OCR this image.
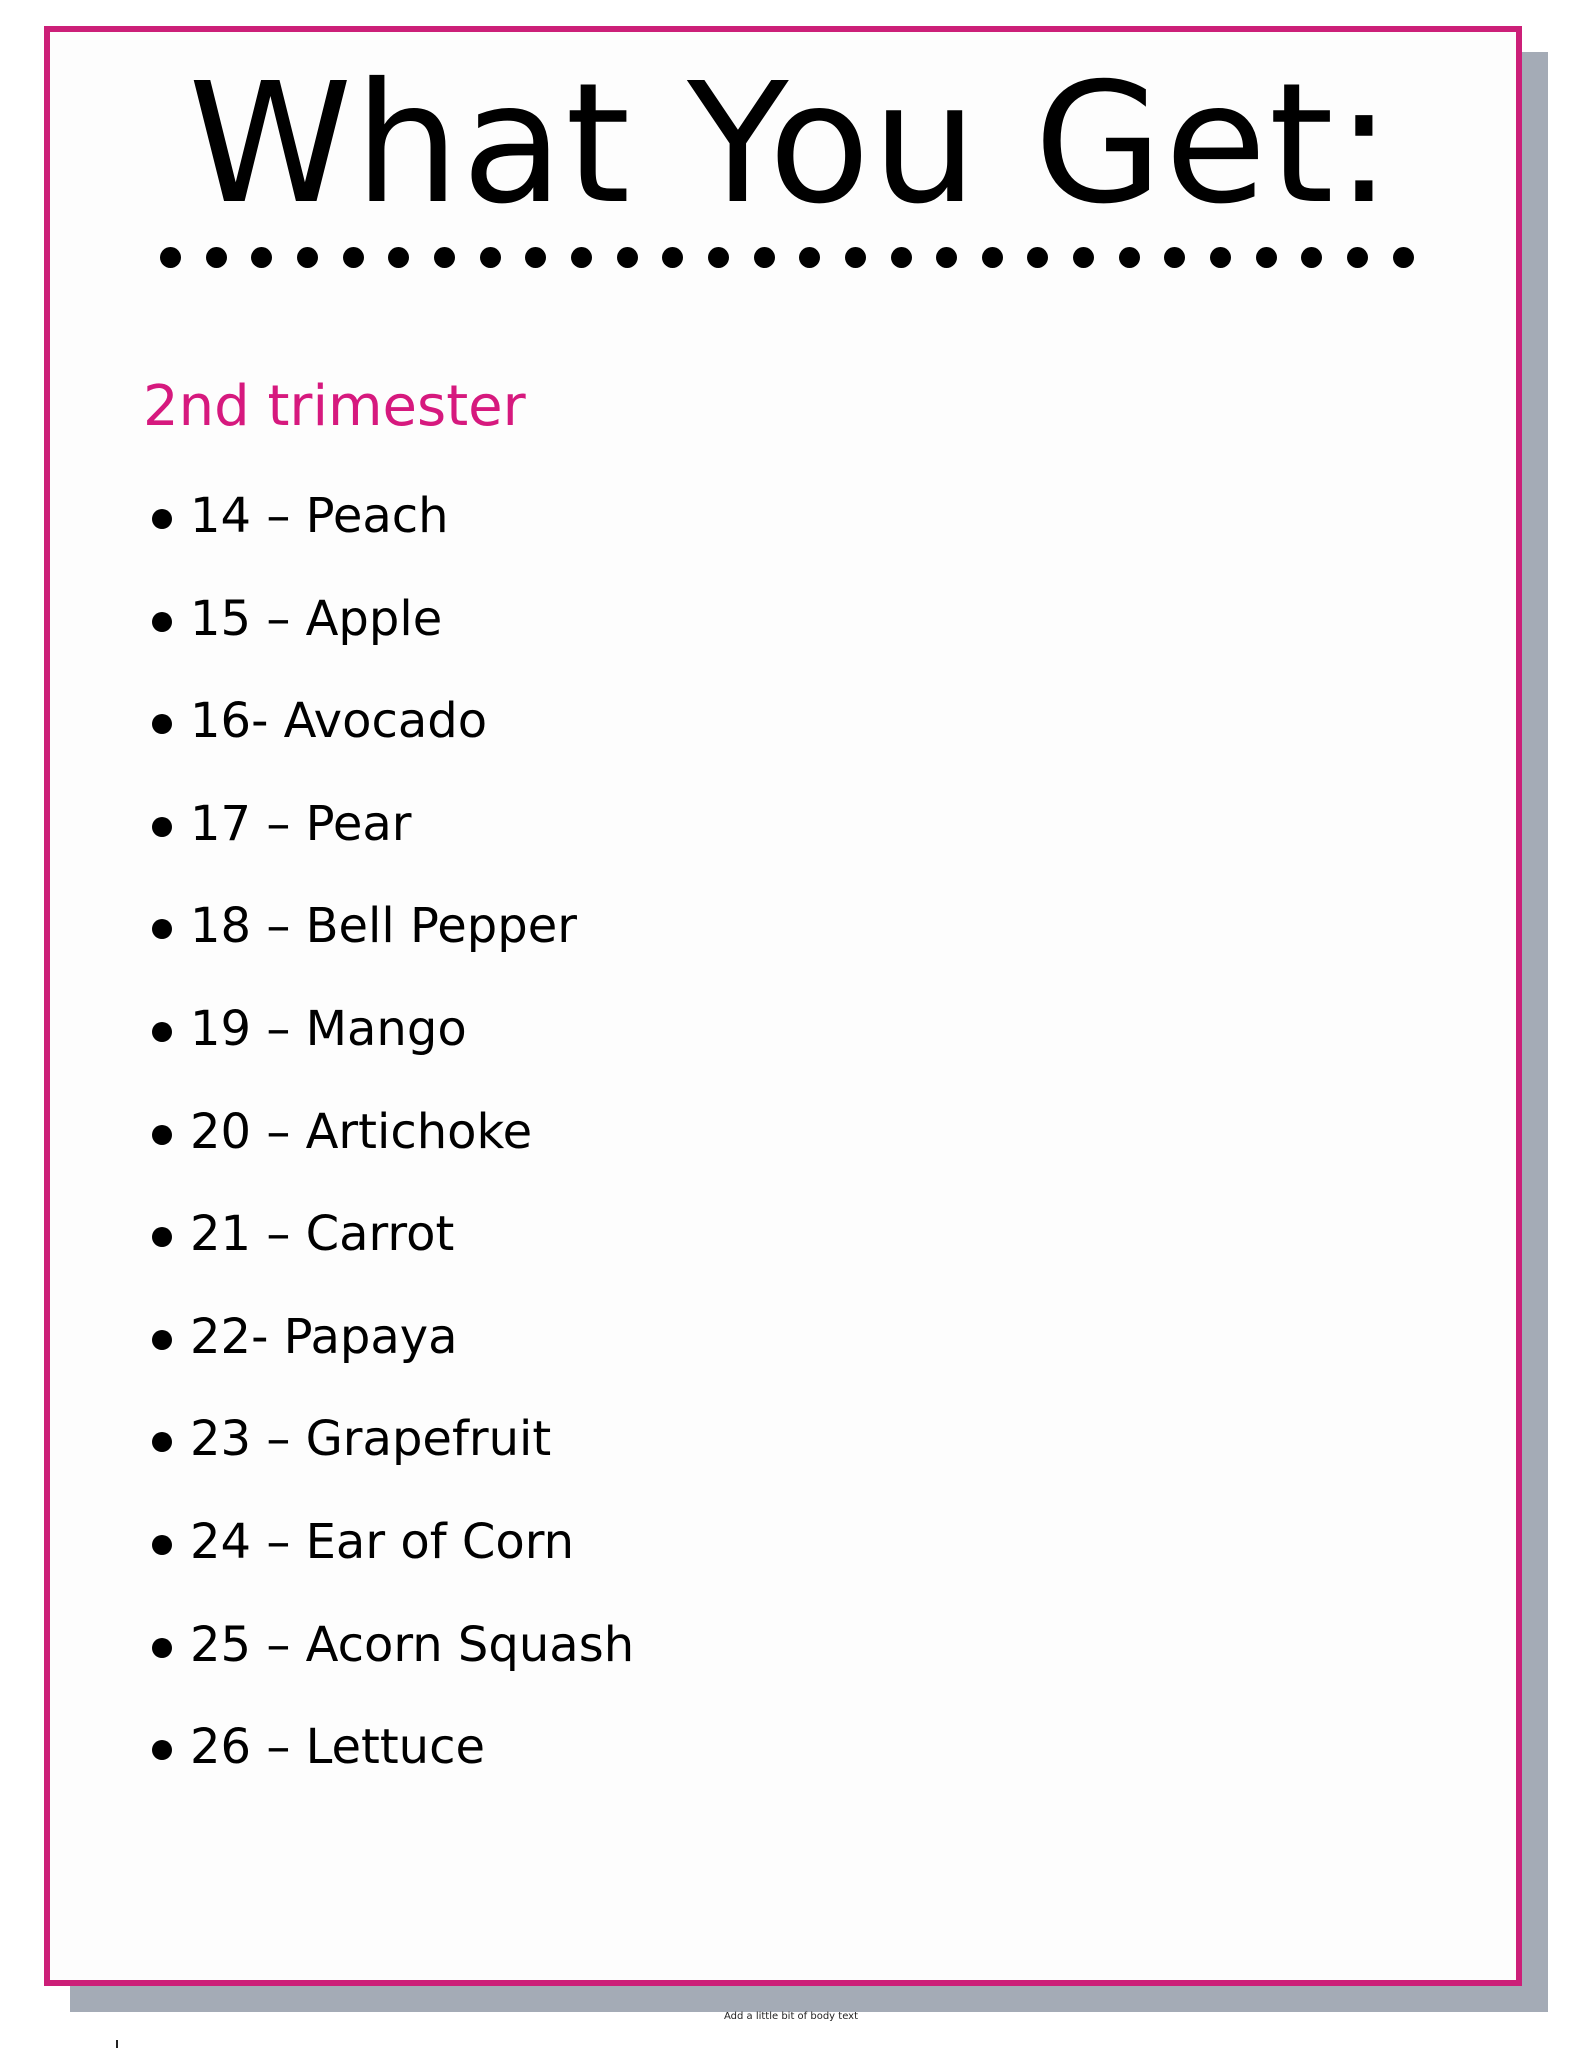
What You Get:
2nd trimester
14 – Peach
15 – Apple
16- Avocado
17 – Pear
18 – Bell Pepper
19 – Mango
20 – Artichoke
21 – Carrot
22- Papaya
23 – Grapefruit
24 – Ear of Corn
25 – Acorn Squash
26 – Lettuce
Add a little bit of body text
